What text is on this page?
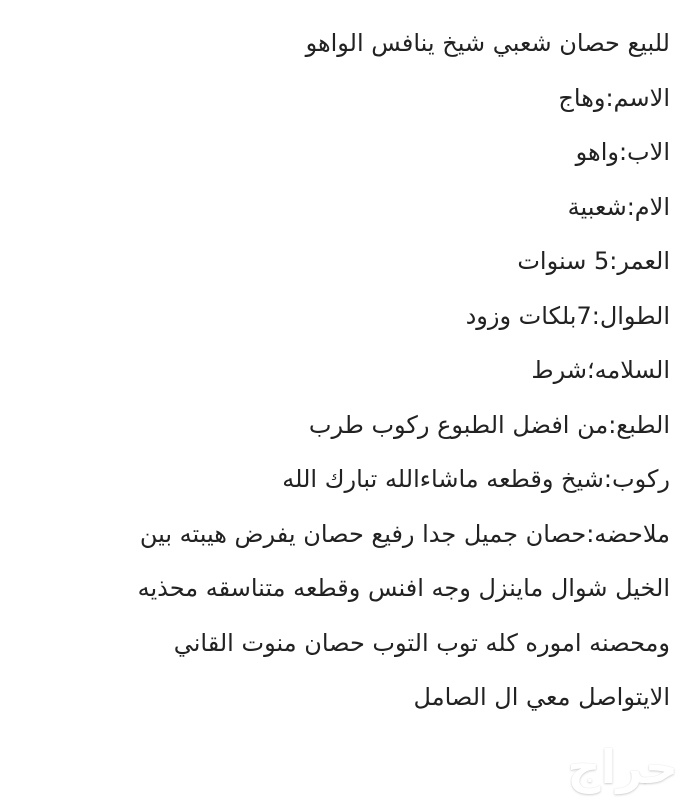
للبيع حصان شعبي شيخ ينافس الواهو
الاسم:وهاج
الاب:واهو
الام:شعبية
العمر:5 سنوات
الطوال:7بلكات وزود
السلامه؛شرط
الطبع:من افضل الطبوع ركوب طرب
ركوب:شيخ وقطعه ماشاءالله تبارك الله
ملاحضه:حصان جميل جدا رفيع حصان يفرض هيبته بين
الخيل شوال ماينزل وجه افنس وقطعه متناسقه محذيه
ومحصنه اموره كله توب التوب حصان منوت القاني
الايتواصل معي ال الصامل
حراج
